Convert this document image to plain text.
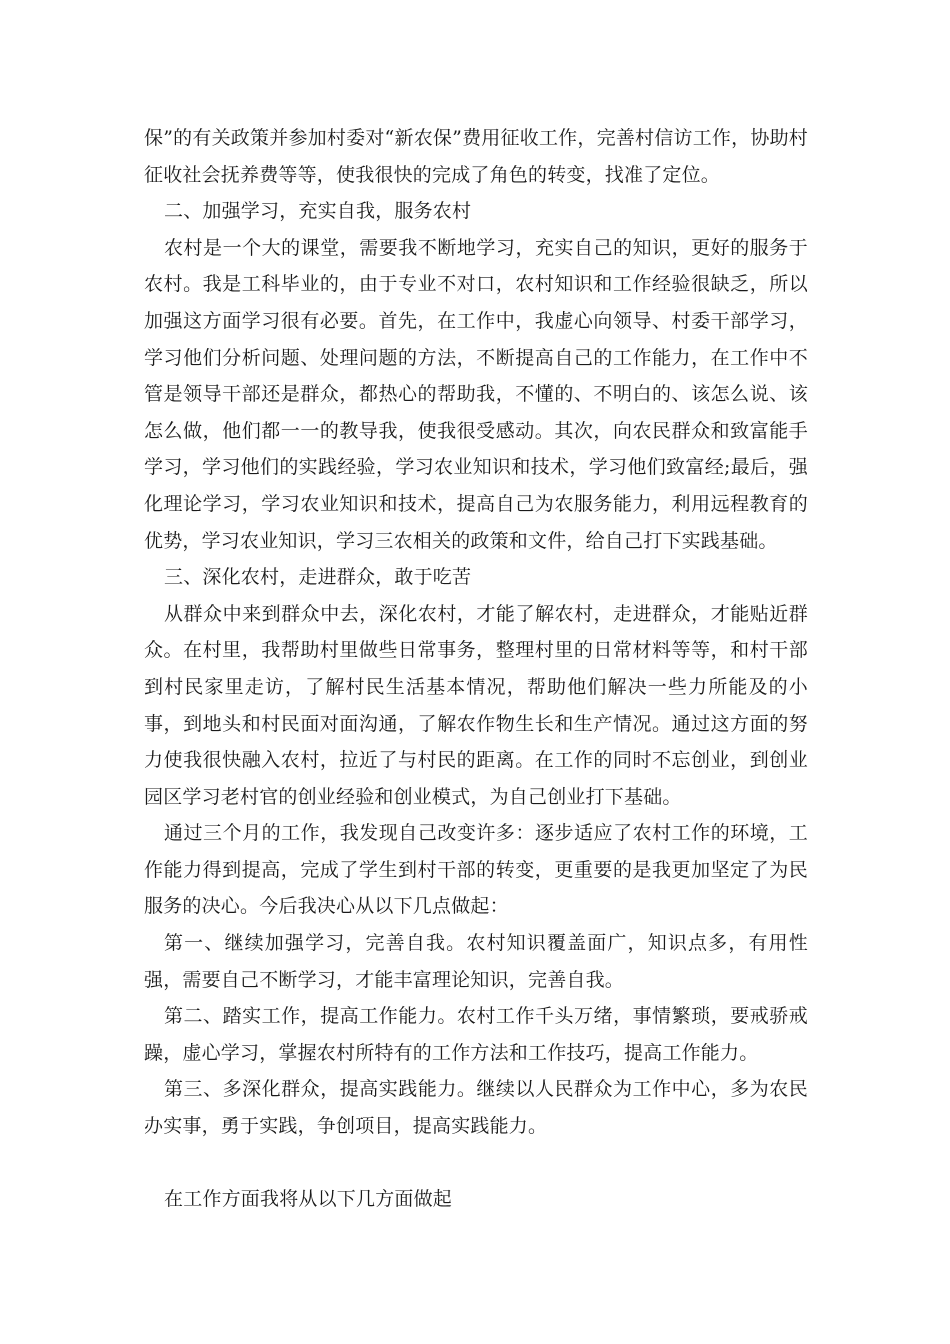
保”的有关政策并参加村委对“新农保”费用征收工作，完善村信访工作，协助村征收社会抚养费等等，使我很快的完成了角色的转变，找准了定位。

二、加强学习，充实自我，服务农村

农村是一个大的课堂，需要我不断地学习，充实自己的知识，更好的服务于农村。我是工科毕业的，由于专业不对口，农村知识和工作经验很缺乏，所以加强这方面学习很有必要。首先，在工作中，我虚心向领导、村委干部学习，学习他们分析问题、处理问题的方法，不断提高自己的工作能力，在工作中不管是领导干部还是群众，都热心的帮助我，不懂的、不明白的、该怎么说、该怎么做，他们都一一的教导我，使我很受感动。其次，向农民群众和致富能手学习，学习他们的实践经验，学习农业知识和技术，学习他们致富经;最后，强化理论学习，学习农业知识和技术，提高自己为农服务能力，利用远程教育的优势，学习农业知识，学习三农相关的政策和文件，给自己打下实践基础。

三、深化农村，走进群众，敢于吃苦

从群众中来到群众中去，深化农村，才能了解农村，走进群众，才能贴近群众。在村里，我帮助村里做些日常事务，整理村里的日常材料等等，和村干部到村民家里走访，了解村民生活基本情况，帮助他们解决一些力所能及的小事，到地头和村民面对面沟通，了解农作物生长和生产情况。通过这方面的努力使我很快融入农村，拉近了与村民的距离。在工作的同时不忘创业，到创业园区学习老村官的创业经验和创业模式，为自己创业打下基础。

通过三个月的工作，我发现自己改变许多：逐步适应了农村工作的环境，工作能力得到提高，完成了学生到村干部的转变，更重要的是我更加坚定了为民服务的决心。今后我决心从以下几点做起：

第一、继续加强学习，完善自我。农村知识覆盖面广，知识点多，有用性强，需要自己不断学习，才能丰富理论知识，完善自我。

第二、踏实工作，提高工作能力。农村工作千头万绪，事情繁琐，要戒骄戒躁，虚心学习，掌握农村所特有的工作方法和工作技巧，提高工作能力。

第三、多深化群众，提高实践能力。继续以人民群众为工作中心，多为农民办实事，勇于实践，争创项目，提高实践能力。

在工作方面我将从以下几方面做起
